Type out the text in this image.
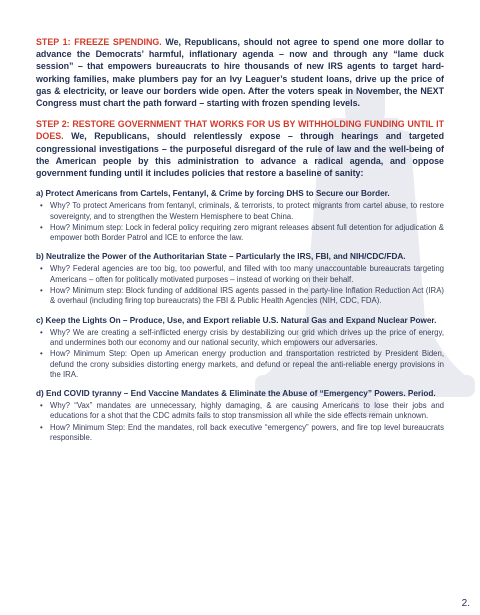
STEP 1: FREEZE SPENDING. We, Republicans, should not agree to spend one more dollar to advance the Democrats’ harmful, inflationary agenda – now and through any “lame duck session” – that empowers bureaucrats to hire thousands of new IRS agents to target hard-working families, make plumbers pay for an Ivy Leaguer’s student loans, drive up the price of gas & electricity, or leave our borders wide open. After the voters speak in November, the NEXT Congress must chart the path forward – starting with frozen spending levels.

STEP 2: RESTORE GOVERNMENT THAT WORKS FOR US BY WITHHOLDING FUNDING UNTIL IT DOES. We, Republicans, should relentlessly expose – through hearings and targeted congressional investigations – the purposeful disregard of the rule of law and the well-being of the American people by this administration to advance a radical agenda, and oppose government funding until it includes policies that restore a baseline of sanity:

a) Protect Americans from Cartels, Fentanyl, & Crime by forcing DHS to Secure our Border.
• Why? To protect Americans from fentanyl, criminals, & terrorists, to protect migrants from cartel abuse, to restore sovereignty, and to strengthen the Western Hemisphere to beat China.
• How? Minimum step: Lock in federal policy requiring zero migrant releases absent full detention for adjudication & empower both Border Patrol and ICE to enforce the law.
b) Neutralize the Power of the Authoritarian State – Particularly the IRS, FBI, and NIH/CDC/FDA.
• Why? Federal agencies are too big, too powerful, and filled with too many unaccountable bureaucrats targeting Americans – often for politically motivated purposes – instead of working on their behalf.
• How? Minimum step: Block funding of additional IRS agents passed in the party-line Inflation Reduction Act (IRA) & overhaul (including firing top bureaucrats) the FBI & Public Health Agencies (NIH, CDC, FDA).
c) Keep the Lights On – Produce, Use, and Export reliable U.S. Natural Gas and Expand Nuclear Power.
• Why? We are creating a self-inflicted energy crisis by destabilizing our grid which drives up the price of energy, and undermines both our economy and our national security, which empowers our adversaries.
• How? Minimum Step: Open up American energy production and transportation restricted by President Biden, defund the crony subsidies distorting energy markets, and defund or repeal the anti-reliable energy provisions in the IRA.
d) End COVID tyranny – End Vaccine Mandates & Eliminate the Abuse of “Emergency” Powers. Period.
• Why? “Vax” mandates are unnecessary, highly damaging, & are causing Americans to lose their jobs and educations for a shot that the CDC admits fails to stop transmission all while the side effects remain unknown.
• How? Minimum Step: End the mandates, roll back executive “emergency” powers, and fire top level bureaucrats responsible.
2.
